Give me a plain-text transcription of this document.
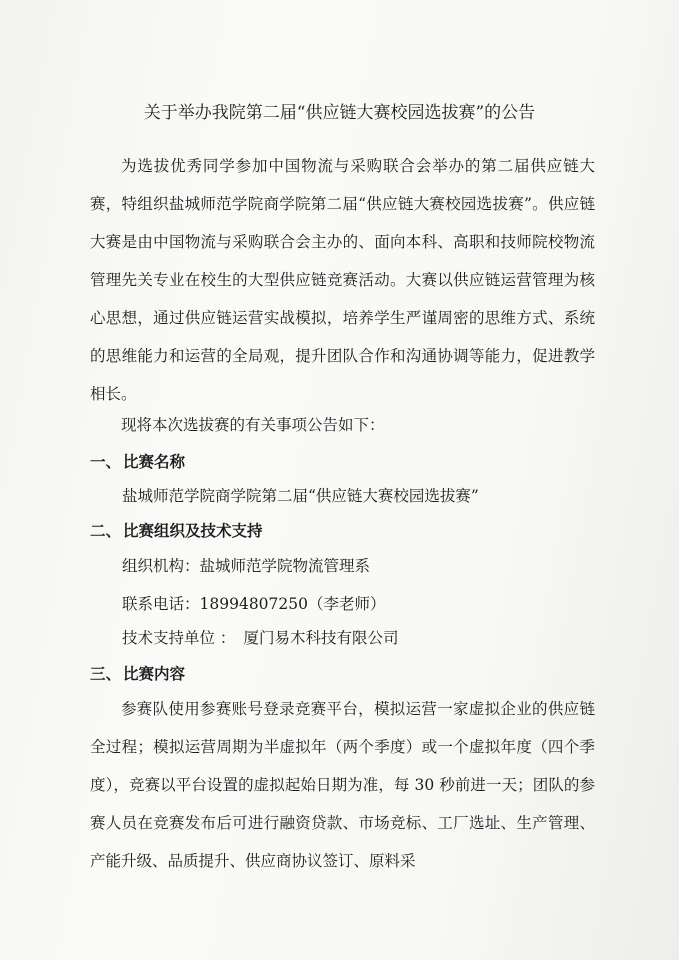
关于举办我院第二届“供应链大赛校园选拔赛”的公告

为选拔优秀同学参加中国物流与采购联合会举办的第二届供应链大赛，特组织盐城师范学院商学院第二届“供应链大赛校园选拔赛”。供应链大赛是由中国物流与采购联合会主办的、面向本科、高职和技师院校物流管理先关专业在校生的大型供应链竞赛活动。大赛以供应链运营管理为核心思想，通过供应链运营实战模拟，培养学生严谨周密的思维方式、系统的思维能力和运营的全局观，提升团队合作和沟通协调等能力，促进教学相长。

现将本次选拔赛的有关事项公告如下：

一、 比赛名称
盐城师范学院商学院第二届“供应链大赛校园选拔赛”
二、 比赛组织及技术支持
组织机构：盐城师范学院物流管理系
联系电话：18994807250（李老师）
技术支持单位 ： 厦门易木科技有限公司
三、 比赛内容

参赛队使用参赛账号登录竞赛平台，模拟运营一家虚拟企业的供应链全过程；模拟运营周期为半虚拟年（两个季度）或一个虚拟年度（四个季度），竞赛以平台设置的虚拟起始日期为准，每 30 秒前进一天；团队的参赛人员在竞赛发布后可进行融资贷款、市场竞标、工厂选址、生产管理、产能升级、品质提升、供应商协议签订、原料采
